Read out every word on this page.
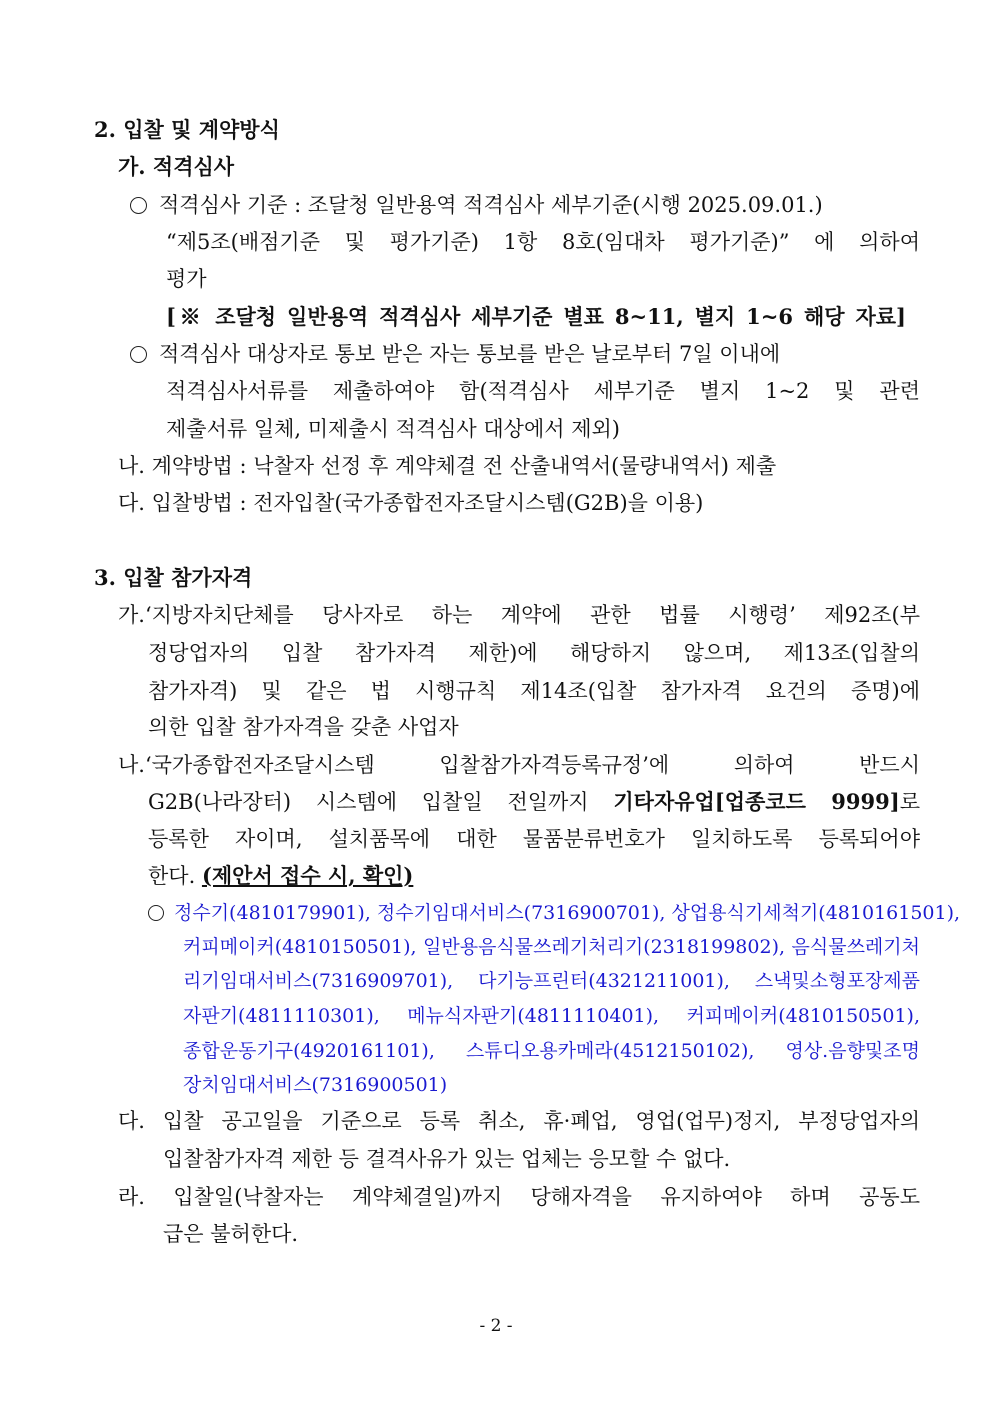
2. 입찰 및 계약방식
가. 적격심사
적격심사 기준 : 조달청 일반용역 적격심사 세부기준(시행 2025.09.01.)
“제5조(배점기준 및 평가기준) 1항 8호(임대차 평가기준)” 에 의하여
평가
[※ 조달청 일반용역 적격심사 세부기준 별표 8~11, 별지 1~6 해당 자료]
적격심사 대상자로 통보 받은 자는 통보를 받은 날로부터 7일 이내에
적격심사서류를 제출하여야 함(적격심사 세부기준 별지 1~2 및 관련
제출서류 일체, 미제출시 적격심사 대상에서 제외)
나. 계약방법 : 낙찰자 선정 후 계약체결 전 산출내역서(물량내역서) 제출
다. 입찰방법 : 전자입찰(국가종합전자조달시스템(G2B)을 이용)
3. 입찰 참가자격
가.‘지방자치단체를 당사자로 하는 계약에 관한 법률 시행령’ 제92조(부
정당업자의 입찰 참가자격 제한)에 해당하지 않으며, 제13조(입찰의
참가자격) 및 같은 법 시행규칙 제14조(입찰 참가자격 요건의 증명)에
의한 입찰 참가자격을 갖춘 사업자
나.‘국가종합전자조달시스템 입찰참가자격등록규정’에 의하여 반드시
G2B(나라장터) 시스템에 입찰일 전일까지 기타자유업[업종코드 9999]로
등록한 자이며, 설치품목에 대한 물품분류번호가 일치하도록 등록되어야
한다. (제안서 접수 시, 확인)
정수기(4810179901), 정수기임대서비스(7316900701), 상업용식기세척기(4810161501),
커피메이커(4810150501), 일반용음식물쓰레기처리기(2318199802), 음식물쓰레기처
리기임대서비스(7316909701), 다기능프린터(4321211001), 스낵및소형포장제품
자판기(4811110301), 메뉴식자판기(4811110401), 커피메이커(4810150501),
종합운동기구(4920161101), 스튜디오용카메라(4512150102), 영상.음향및조명
장치임대서비스(7316900501)
다. 입찰 공고일을 기준으로 등록 취소, 휴·폐업, 영업(업무)정지, 부정당업자의
입찰참가자격 제한 등 결격사유가 있는 업체는 응모할 수 없다.
라. 입찰일(낙찰자는 계약체결일)까지 당해자격을 유지하여야 하며 공동도
급은 불허한다.
- 2 -
